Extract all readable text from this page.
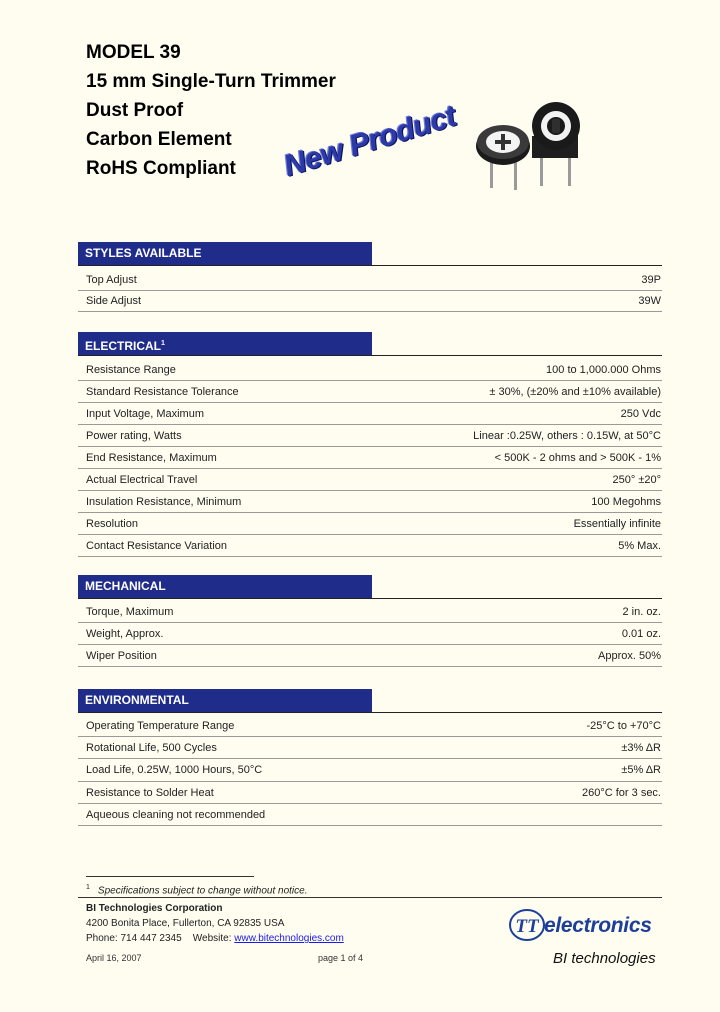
MODEL 39
15 mm Single-Turn Trimmer
Dust Proof
Carbon Element
RoHS Compliant	New Product
STYLES AVAILABLE
Top Adjust	39P
Side Adjust	39W
ELECTRICAL$^1$
Resistance Range	100 to 1,000.000 Ohms
Standard Resistance Tolerance	± 30%, (±20% and ±10% available)
Input Voltage, Maximum	250 Vdc
Power rating, Watts	Linear :0.25W, others : 0.15W, at 50°C
End Resistance, Maximum	< 500K - 2 ohms and > 500K - 1%
Actual Electrical Travel	250° ±20°
Insulation Resistance, Minimum	100 Megohms
Resolution	Essentially infinite
Contact Resistance Variation	5% Max.
MECHANICAL
Torque, Maximum	2 in. oz.
Weight, Approx.	0.01 oz.
Wiper Position	Approx. 50%
ENVIRONMENTAL
Operating Temperature Range	-25°C to +70°C
Rotational Life, 500 Cycles	±3% ΔR
Load Life, 0.25W, 1000 Hours, 50°C	±5% ΔR
Resistance to Solder Heat	260°C for 3 sec.
Aqueous cleaning not recommended
$^1$ Specifications subject to change without notice.
BI Technologies Corporation
4200 Bonita Place, Fullerton, CA 92835 USA
Phone: 714 447 2345 Website: www.bitechnologies.com
April 16, 2007	page 1 of 4
TT electronics
BI technologies
